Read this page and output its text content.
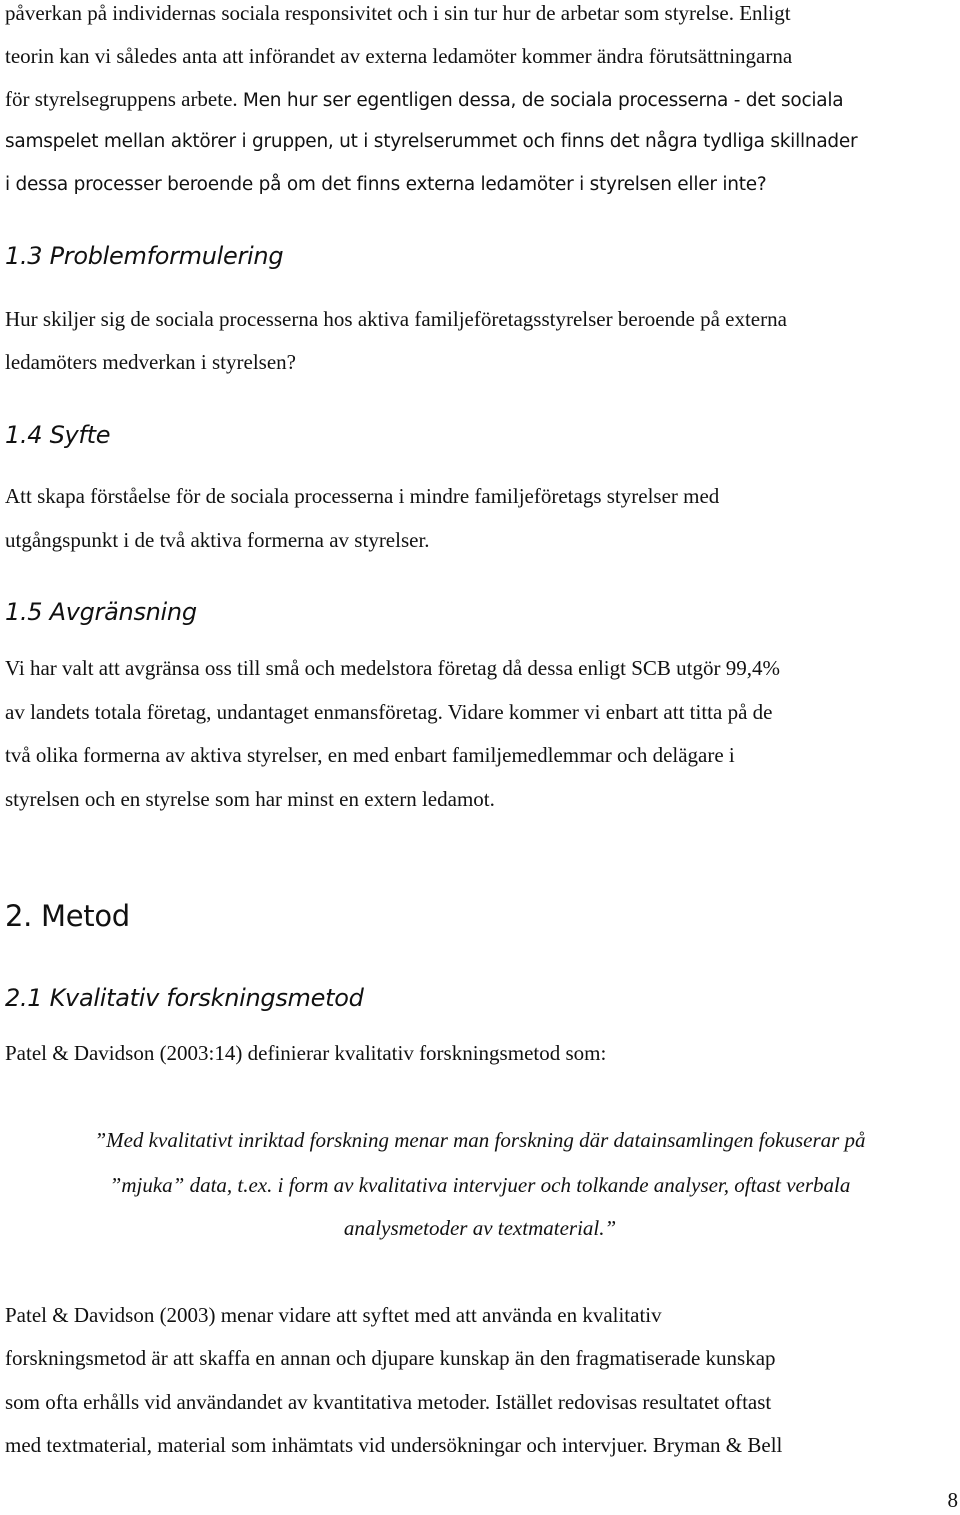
påverkan på individernas sociala responsivitet och i sin tur hur de arbetar som styrelse. Enligt
teorin kan vi således anta att införandet av externa ledamöter kommer ändra förutsättningarna
för styrelsegruppens arbete. Men hur ser egentligen dessa, de sociala processerna - det sociala
samspelet mellan aktörer i gruppen, ut i styrelserummet och finns det några tydliga skillnader
i dessa processer beroende på om det finns externa ledamöter i styrelsen eller inte?
1.3 Problemformulering
Hur skiljer sig de sociala processerna hos aktiva familjeföretagsstyrelser beroende på externa
ledamöters medverkan i styrelsen?
1.4 Syfte
Att skapa förståelse för de sociala processerna i mindre familjeföretags styrelser med
utgångspunkt i de två aktiva formerna av styrelser.
1.5 Avgränsning
Vi har valt att avgränsa oss till små och medelstora företag då dessa enligt SCB utgör 99,4%
av landets totala företag, undantaget enmansföretag. Vidare kommer vi enbart att titta på de
två olika formerna av aktiva styrelser, en med enbart familjemedlemmar och delägare i
styrelsen och en styrelse som har minst en extern ledamot.
2. Metod
2.1 Kvalitativ forskningsmetod
Patel & Davidson (2003:14) definierar kvalitativ forskningsmetod som:
”Med kvalitativt inriktad forskning menar man forskning där datainsamlingen fokuserar på
”mjuka” data, t.ex. i form av kvalitativa intervjuer och tolkande analyser, oftast verbala
analysmetoder av textmaterial.”
Patel & Davidson (2003) menar vidare att syftet med att använda en kvalitativ
forskningsmetod är att skaffa en annan och djupare kunskap än den fragmatiserade kunskap
som ofta erhålls vid användandet av kvantitativa metoder. Istället redovisas resultatet oftast
med textmaterial, material som inhämtats vid undersökningar och intervjuer. Bryman & Bell
8
